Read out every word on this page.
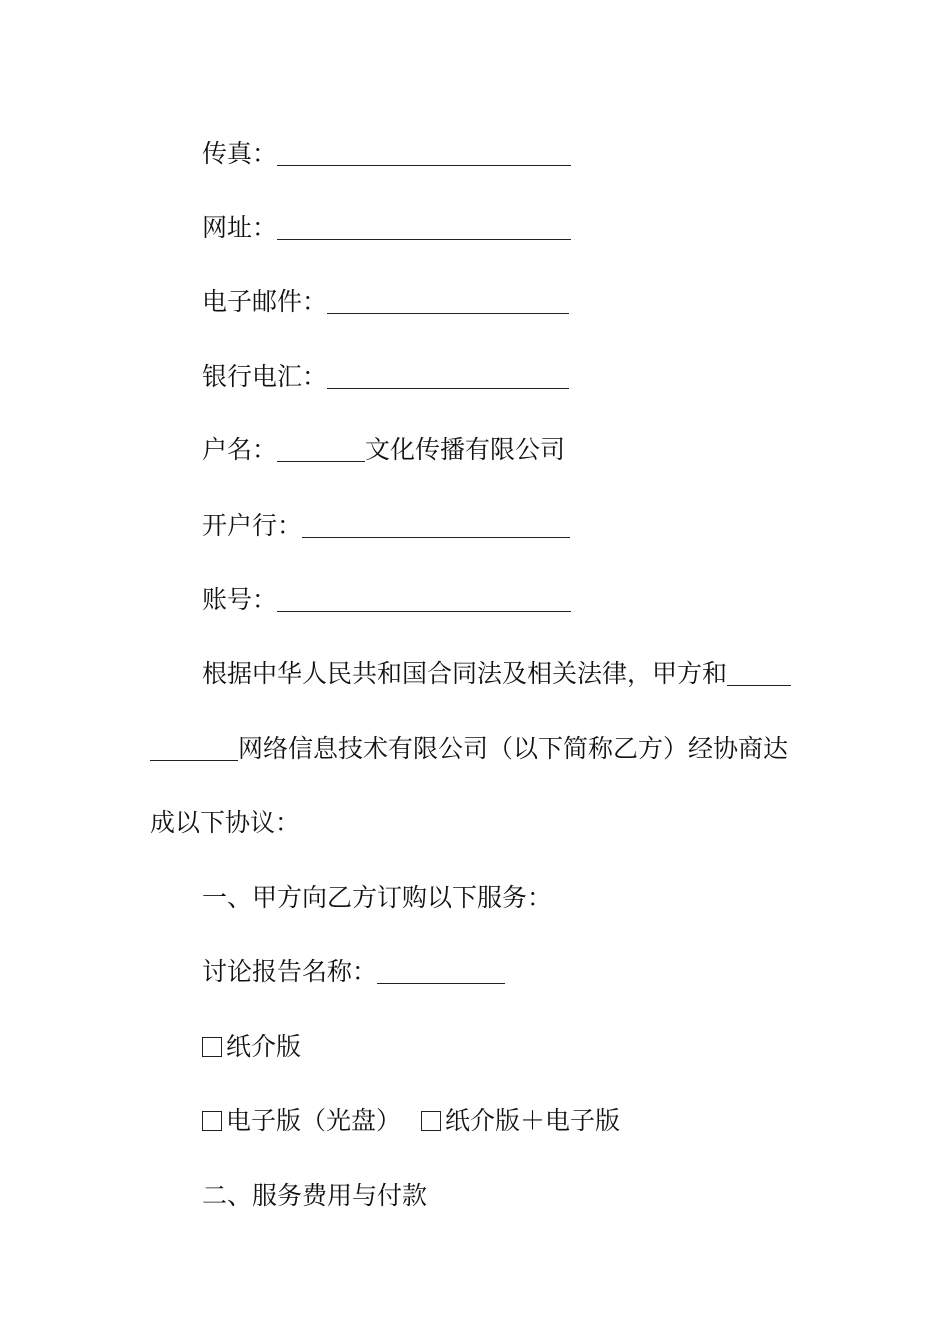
传真：
网址：
电子邮件：
银行电汇：
户名：	文化传播有限公司
开户行：
账号：
根据中华人民共和国合同法及相关法律，甲方和
网络信息技术有限公司（以下简称乙方）经协商达
成以下协议：
一、甲方向乙方订购以下服务：
讨论报告名称：
纸介版
电子版（光盘） 纸介版＋电子版
二、服务费用与付款
